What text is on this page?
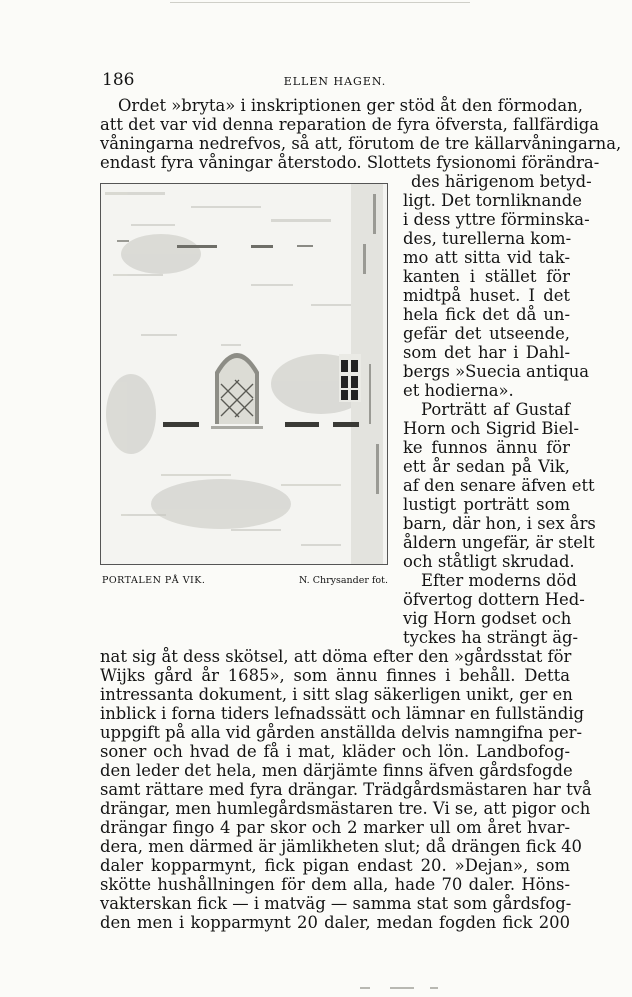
186	ELLEN HAGEN.
Ordet »bryta» i inskriptionen ger stöd åt den förmodan,
att det var vid denna reparation de fyra öfversta, fallfärdiga
våningarna nedrefvos, så att, förutom de tre källarvåningarna,
endast fyra våningar återstodo. Slottets fysionomi förändra-
des härigenom betyd-
ligt. Det tornliknande
i dess yttre förminska-
des, turellerna kom-
mo att sitta vid tak-
kanten i stället för
midtpå huset. I det
hela fick det då un-
gefär det utseende,
som det har i Dahl-
bergs »Suecia antiqua
et hodierna».
Porträtt af Gustaf
Horn och Sigrid Biel-
ke funnos ännu för
ett år sedan på Vik,
af den senare äfven ett
lustigt porträtt som
barn, där hon, i sex års
åldern ungefär, är stelt
och ståtligt skrudad.
Efter moderns död
öfvertog dottern Hed-
vig Horn godset och
tyckes ha strängt äg-
nat sig åt dess skötsel, att döma efter den »gårdsstat för
Wijks gård år 1685», som ännu finnes i behåll. Detta
intressanta dokument, i sitt slag säkerligen unikt, ger en
inblick i forna tiders lefnadssätt och lämnar en fullständig
uppgift på alla vid gården anställda delvis namngifna per-
soner och hvad de få i mat, kläder och lön. Landbofog-
den leder det hela, men därjämte finns äfven gårdsfogde
samt rättare med fyra drängar. Trädgårdsmästaren har två
drängar, men humlegårdsmästaren tre. Vi se, att pigor och
drängar fingo 4 par skor och 2 marker ull om året hvar-
dera, men därmed är jämlikheten slut; då drängen fick 40
daler kopparmynt, fick pigan endast 20. »Dejan», som
skötte hushållningen för dem alla, hade 70 daler. Höns-
vakterskan fick — i matväg — samma stat som gårdsfog-
den men i kopparmynt 20 daler, medan fogden fick 200
PORTALEN PÅ VIK.	N. Chrysander fot.
